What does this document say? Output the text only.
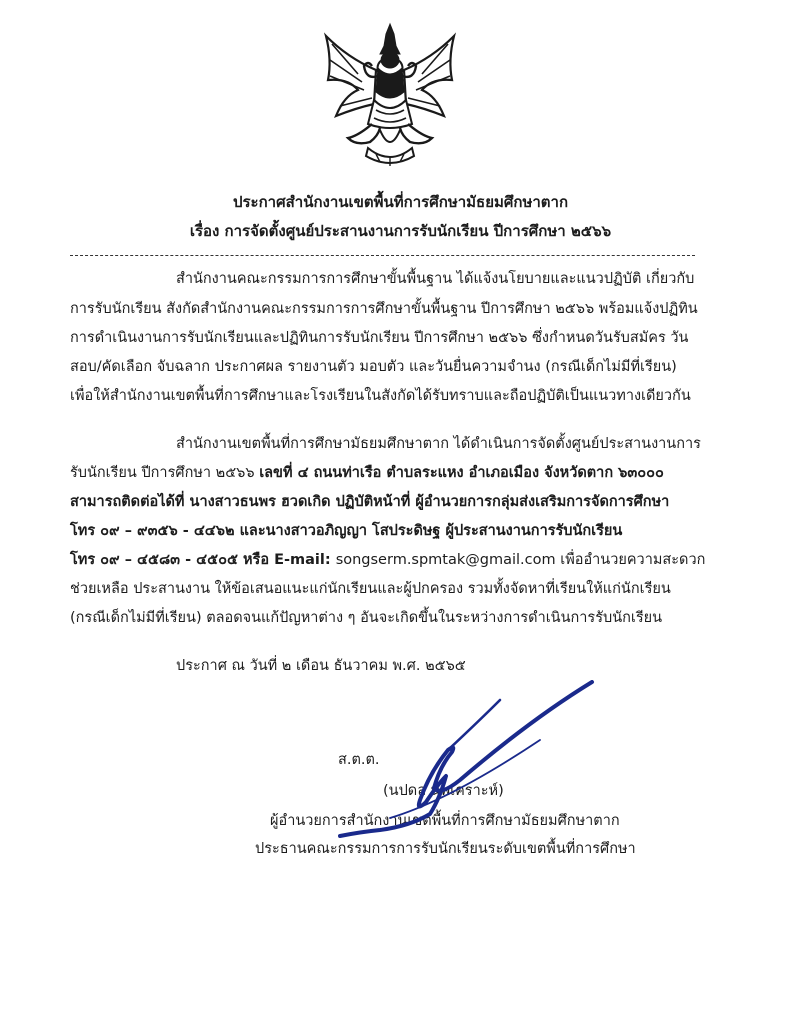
ประกาศสำนักงานเขตพื้นที่การศึกษามัธยมศึกษาตาก
เรื่อง การจัดตั้งศูนย์ประสานงานการรับนักเรียน ปีการศึกษา ๒๕๖๖
สำนักงานคณะกรรมการการศึกษาขั้นพื้นฐาน ได้แจ้งนโยบายและแนวปฏิบัติ เกี่ยวกับ
การรับนักเรียน สังกัดสำนักงานคณะกรรมการการศึกษาขั้นพื้นฐาน ปีการศึกษา ๒๕๖๖ พร้อมแจ้งปฏิทิน
การดำเนินงานการรับนักเรียนและปฏิทินการรับนักเรียน ปีการศึกษา ๒๕๖๖ ซึ่งกำหนดวันรับสมัคร วัน
สอบ/คัดเลือก จับฉลาก ประกาศผล รายงานตัว มอบตัว และวันยื่นความจำนง (กรณีเด็กไม่มีที่เรียน)
เพื่อให้สำนักงานเขตพื้นที่การศึกษาและโรงเรียนในสังกัดได้รับทราบและถือปฏิบัติเป็นแนวทางเดียวกัน
สำนักงานเขตพื้นที่การศึกษามัธยมศึกษาตาก ได้ดำเนินการจัดตั้งศูนย์ประสานงานการ
รับนักเรียน ปีการศึกษา ๒๕๖๖ เลขที่ ๔ ถนนท่าเรือ ตำบลระแหง อำเภอเมือง จังหวัดตาก ๖๓๐๐๐
สามารถติดต่อได้ที่ นางสาวธนพร ฮวดเกิด ปฏิบัติหน้าที่ ผู้อำนวยการกลุ่มส่งเสริมการจัดการศึกษา
โทร ๐๙ – ๙๓๕๖ - ๔๔๖๒ และนางสาวอภิญญา โสประดิษฐ ผู้ประสานงานการรับนักเรียน
โทร ๐๙ – ๔๕๘๓ - ๔๕๐๕ หรือ E-mail: songserm.spmtak@gmail.com เพื่ออำนวยความสะดวก
ช่วยเหลือ ประสานงาน ให้ข้อเสนอแนะแก่นักเรียนและผู้ปกครอง รวมทั้งจัดหาที่เรียนให้แก่นักเรียน
(กรณีเด็กไม่มีที่เรียน) ตลอดจนแก้ปัญหาต่าง ๆ อันจะเกิดขึ้นในระหว่างการดำเนินการรับนักเรียน
ประกาศ ณ วันที่ ๒ เดือน ธันวาคม พ.ศ. ๒๕๖๕
ส.ต.ต.
(นปดล นพเคราะห์)
ผู้อำนวยการสำนักงานเขตพื้นที่การศึกษามัธยมศึกษาตาก
ประธานคณะกรรมการการรับนักเรียนระดับเขตพื้นที่การศึกษา
